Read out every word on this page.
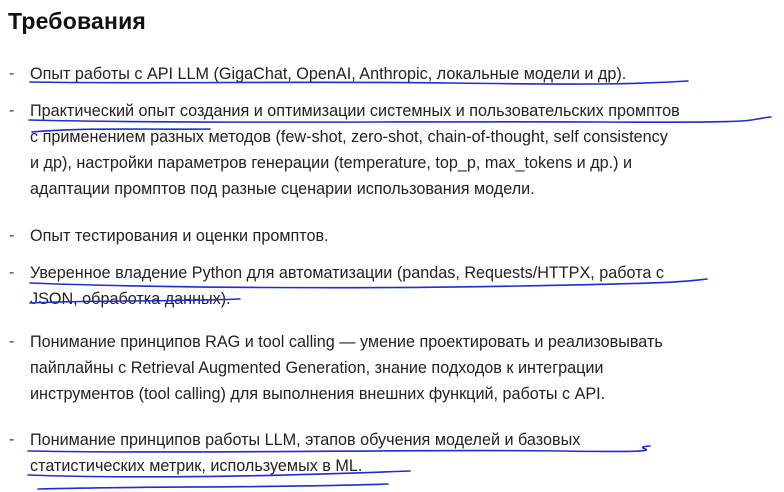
Требования
- Опыт работы с API LLM (GigaChat, OpenAI, Anthropic, локальные модели и др).

- Практический опыт создания и оптимизации системных и пользовательских промптов
с применением разных методов (few-shot, zero-shot, chain-of-thought, self consistency
и др), настройки параметров генерации (temperature, top_p, max_tokens и др.) и
адаптации промптов под разные сценарии использования модели.

- Опыт тестирования и оценки промптов.

- Уверенное владение Python для автоматизации (pandas, Requests/HTTPX, работа с
JSON, обработка данных).

- Понимание принципов RAG и tool calling — умение проектировать и реализовывать
пайплайны с Retrieval Augmented Generation, знание подходов к интеграции
инструментов (tool calling) для выполнения внешних функций, работы с API.

- Понимание принципов работы LLM, этапов обучения моделей и базовых
статистических метрик, используемых в ML.
